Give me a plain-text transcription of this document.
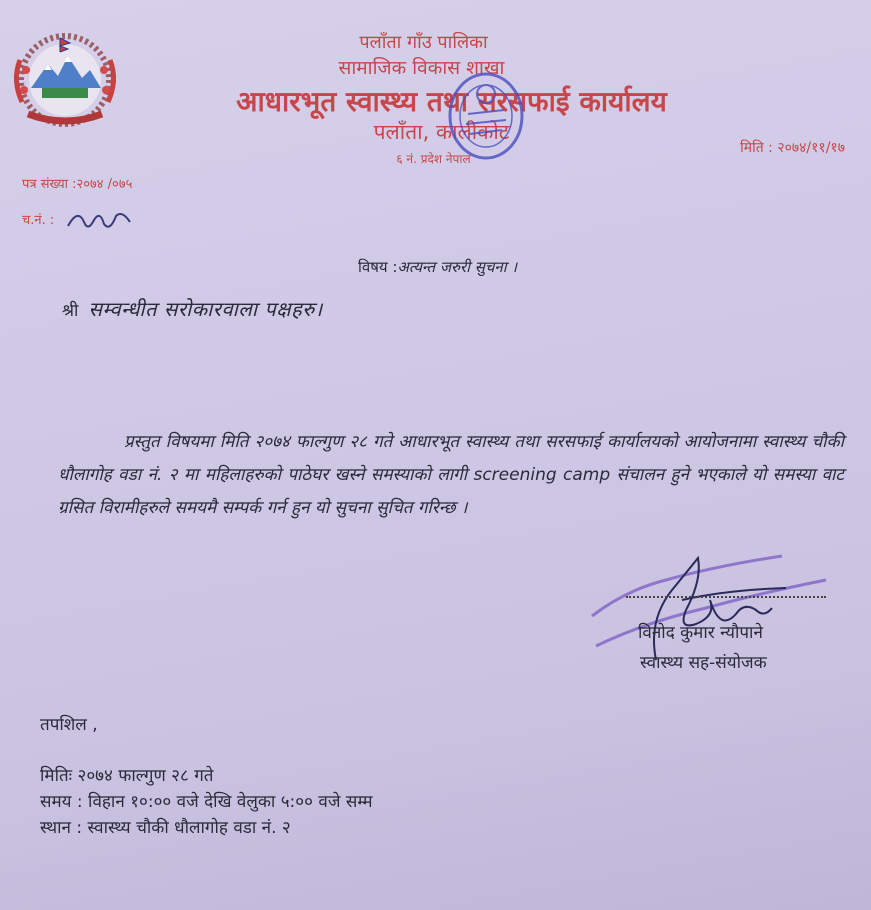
पलाँता गाँउ पालिका

सामाजिक विकास शाखा

आधारभूत स्वास्थ्य तथा सरसफाई कार्यालय

पलाँता, कालीकोट

६ नं. प्रदेश नेपाल

मिति : २०७४/११/१७
पत्र संख्या :२०७४ /०७५
च.नं. :
विषय :अत्यन्त जरुरी सुचना ।
श्री सम्वन्धीत सरोकारवाला पक्षहरु।

प्रस्तुत विषयमा मिति २०७४ फाल्गुण २८ गते आधारभूत स्वास्थ्य तथा सरसफाई कार्यालयको आयोजनामा स्वास्थ्य चौकी धौलागोह वडा नं. २ मा महिलाहरुको पाठेघर खस्ने समस्याको लागी screening camp संचालन हुने भएकाले यो समस्या वाट ग्रसित विरामीहरुले समयमै सम्पर्क गर्न हुन यो सुचना सुचित गरिन्छ ।

विनोद कुमार न्यौपाने
स्वास्थ्य सह-संयोजक
तपशिल ,
मितिः २०७४ फाल्गुण २८ गते
समय : विहान १०:०० वजे देखि वेलुका ५:०० वजे सम्म
स्थान : स्वास्थ्य चौकी धौलागोह वडा नं. २
